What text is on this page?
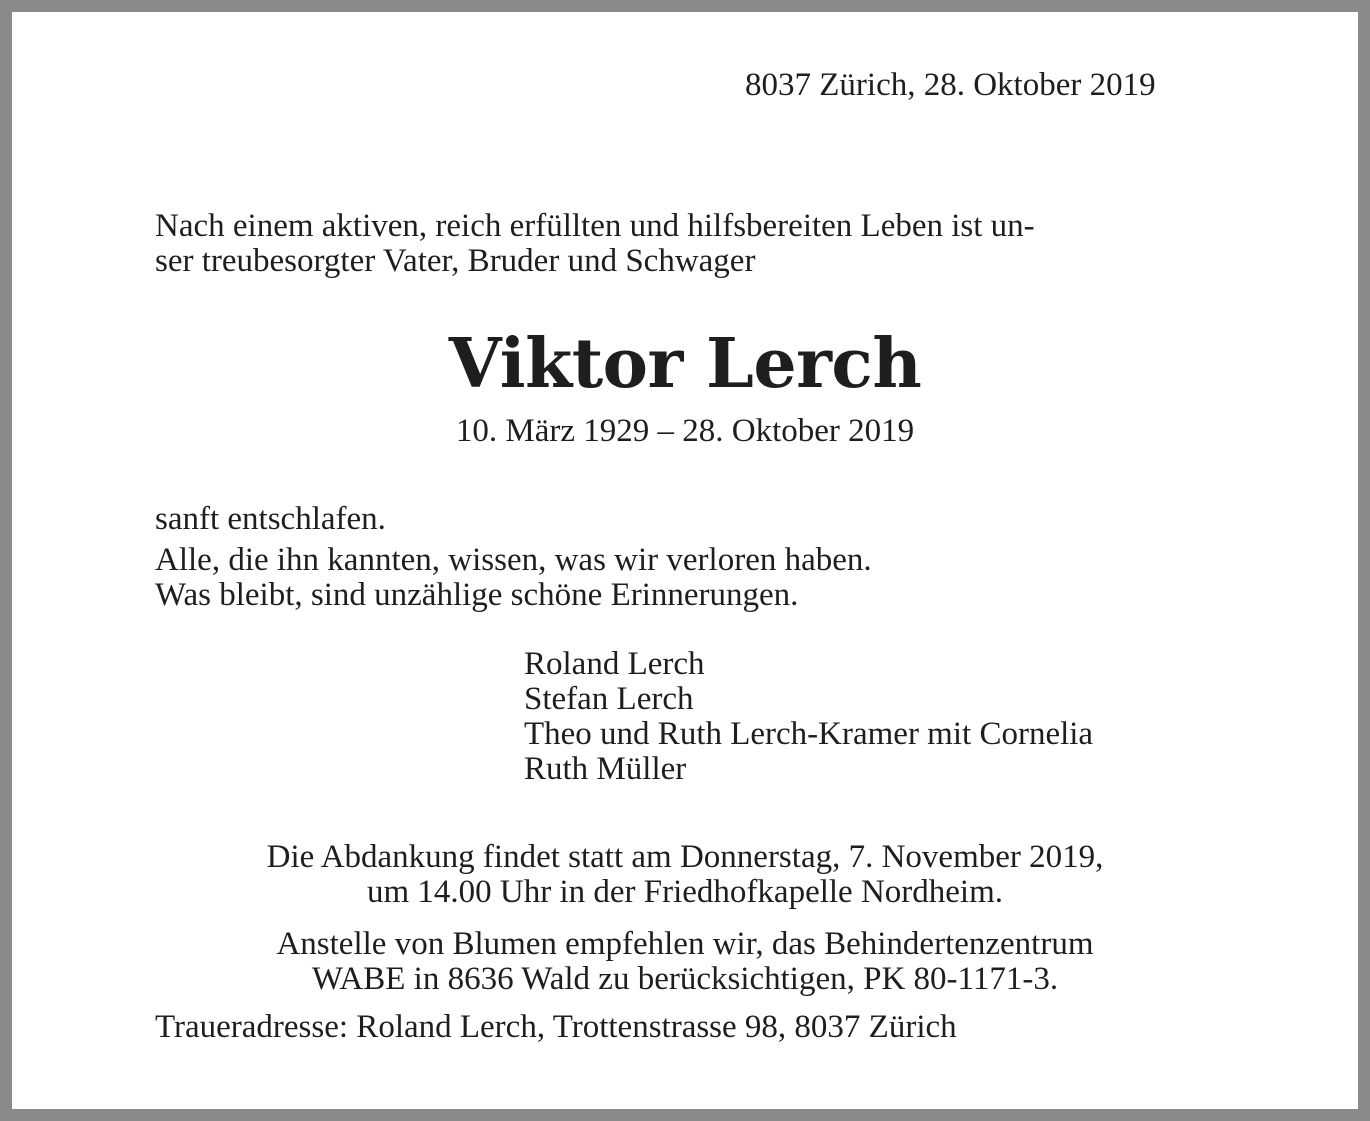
8037 Zürich, 28. Oktober 2019
Nach einem aktiven, reich erfüllten und hilfsbereiten Leben ist un-
ser treubesorgter Vater, Bruder und Schwager
Viktor Lerch
10. März 1929 – 28. Oktober 2019
sanft entschlafen.
Alle, die ihn kannten, wissen, was wir verloren haben.
Was bleibt, sind unzählige schöne Erinnerungen.
Roland Lerch
Stefan Lerch
Theo und Ruth Lerch-Kramer mit Cornelia
Ruth Müller
Die Abdankung findet statt am Donnerstag, 7. November 2019,
um 14.00 Uhr in der Friedhofkapelle Nordheim.
Anstelle von Blumen empfehlen wir, das Behindertenzentrum
WABE in 8636 Wald zu berücksichtigen, PK 80-1171-3.
Traueradresse: Roland Lerch, Trottenstrasse 98, 8037 Zürich
